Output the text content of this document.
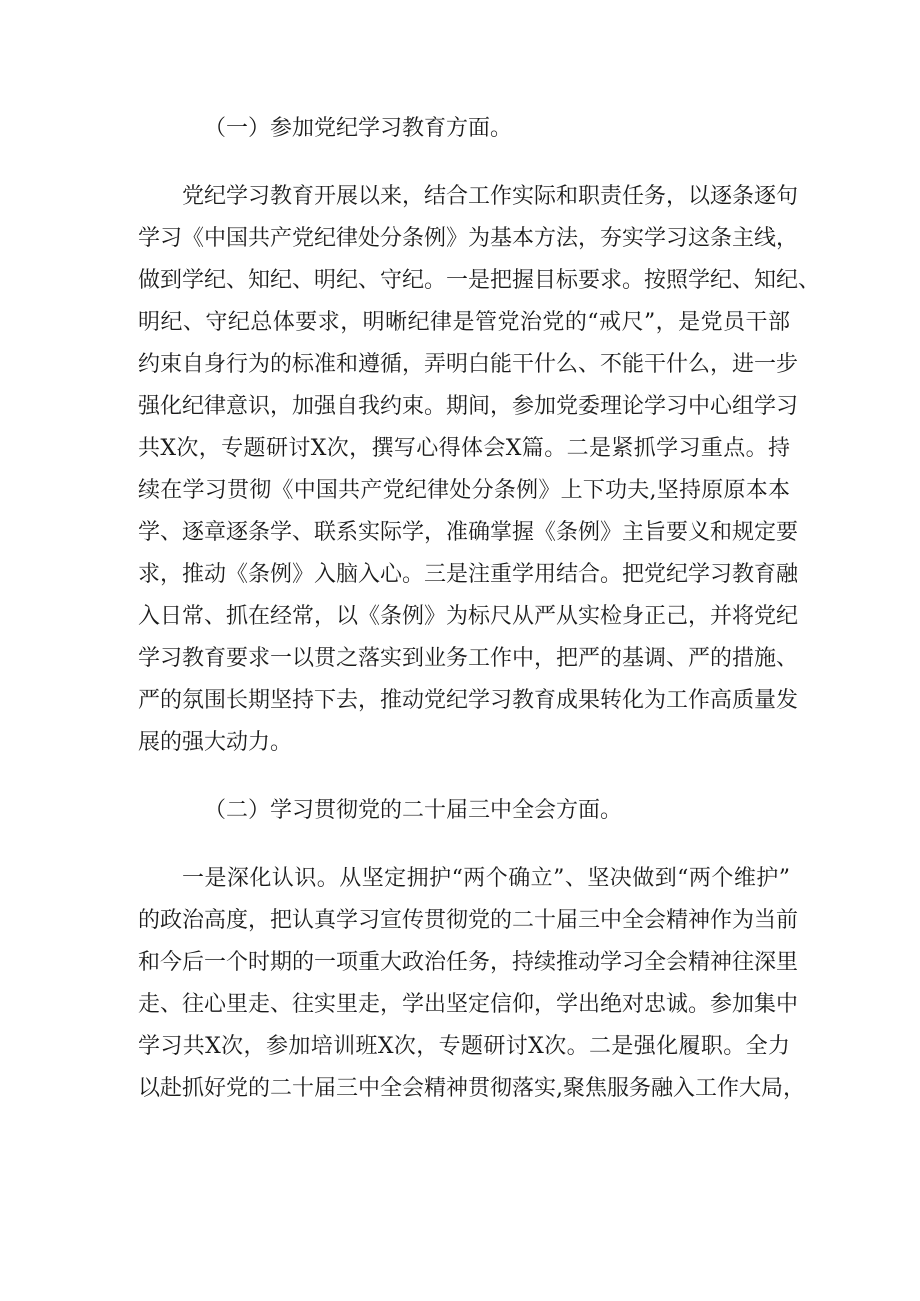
（一）参加党纪学习教育方面。
党纪学习教育开展以来，结合工作实际和职责任务，以逐条逐句
学习《中国共产党纪律处分条例》为基本方法，夯实学习这条主线，
做到学纪、知纪、明纪、守纪。一是把握目标要求。按照学纪、知纪、
明纪、守纪总体要求，明晰纪律是管党治党的“戒尺”，是党员干部
约束自身行为的标准和遵循，弄明白能干什么、不能干什么，进一步
强化纪律意识，加强自我约束。期间，参加党委理论学习中心组学习
共X次，专题研讨X次，撰写心得体会X篇。二是紧抓学习重点。持
续在学习贯彻《中国共产党纪律处分条例》上下功夫,坚持原原本本
学、逐章逐条学、联系实际学，准确掌握《条例》主旨要义和规定要
求，推动《条例》入脑入心。三是注重学用结合。把党纪学习教育融
入日常、抓在经常，以《条例》为标尺从严从实检身正己，并将党纪
学习教育要求一以贯之落实到业务工作中，把严的基调、严的措施、
严的氛围长期坚持下去，推动党纪学习教育成果转化为工作高质量发
展的强大动力。
（二）学习贯彻党的二十届三中全会方面。
一是深化认识。从坚定拥护“两个确立”、坚决做到“两个维护”
的政治高度，把认真学习宣传贯彻党的二十届三中全会精神作为当前
和今后一个时期的一项重大政治任务，持续推动学习全会精神往深里
走、往心里走、往实里走，学出坚定信仰，学出绝对忠诚。参加集中
学习共X次，参加培训班X次，专题研讨X次。二是强化履职。全力
以赴抓好党的二十届三中全会精神贯彻落实,聚焦服务融入工作大局，
